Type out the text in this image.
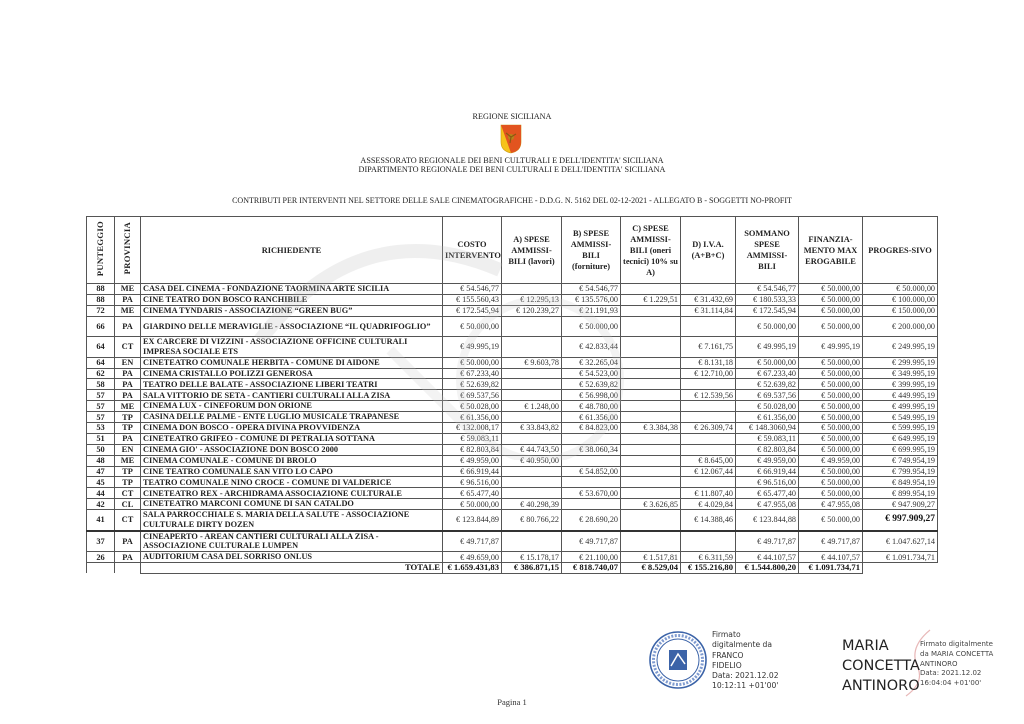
REGIONE SICILIANA
ASSESSORATO REGIONALE DEI BENI CULTURALI E DELL'IDENTITA' SICILIANA
DIPARTIMENTO REGIONALE DEI BENI CULTURALI E DELL'IDENTITA' SICILIANA
CONTRIBUTI PER INTERVENTI NEL SETTORE DELLE SALE CINEMATOGRAFICHE - D.D.G. N. 5162 DEL 02-12-2021 - ALLEGATO B - SOGGETTI NO-PROFIT
PUNTEGGIO	PROVINCIA	RICHIEDENTE	COSTO INTERVENTO	A) SPESE AMMISSI-BILI (lavori)	B) SPESE AMMISSI-BILI (forniture)	C) SPESE AMMISSI-BILI (oneri tecnici) 10% su A)	D) I.V.A. (A+B+C)	SOMMANO SPESE AMMISSI-BILI	FINANZIA-MENTO MAX EROGABILE	PROGRES-SIVO
88	ME	CASA DEL CINEMA - FONDAZIONE TAORMINA ARTE SICILIA	€ 54.546,77		€ 54.546,77			€ 54.546,77	€ 50.000,00	€ 50.000,00
88	PA	CINE TEATRO DON BOSCO RANCHIBILE	€ 155.560,43	€ 12.295,13	€ 135.576,00	€ 1.229,51	€ 31.432,69	€ 180.533,33	€ 50.000,00	€ 100.000,00
72	ME	CINEMA TYNDARIS - ASSOCIAZIONE “GREEN BUG”	€ 172.545,94	€ 120.239,27	€ 21.191,93		€ 31.114,84	€ 172.545,94	€ 50.000,00	€ 150.000,00
66	PA	GIARDINO DELLE MERAVIGLIE - ASSOCIAZIONE “IL QUADRIFOGLIO”	€ 50.000,00		€ 50.000,00			€ 50.000,00	€ 50.000,00	€ 200.000,00
64	CT	EX CARCERE DI VIZZINI - ASSOCIAZIONE OFFICINE CULTURALI IMPRESA SOCIALE ETS	€ 49.995,19		€ 42.833,44		€ 7.161,75	€ 49.995,19	€ 49.995,19	€ 249.995,19
64	EN	CINETEATRO COMUNALE HERBITA - COMUNE DI AIDONE	€ 50.000,00	€ 9.603,78	€ 32.265,04		€ 8.131,18	€ 50.000,00	€ 50.000,00	€ 299.995,19
62	PA	CINEMA CRISTALLO POLIZZI GENEROSA	€ 67.233,40		€ 54.523,00		€ 12.710,00	€ 67.233,40	€ 50.000,00	€ 349.995,19
58	PA	TEATRO DELLE BALATE - ASSOCIAZIONE LIBERI TEATRI	€ 52.639,82		€ 52.639,82			€ 52.639,82	€ 50.000,00	€ 399.995,19
57	PA	SALA VITTORIO DE SETA - CANTIERI CULTURALI ALLA ZISA	€ 69.537,56		€ 56.998,00		€ 12.539,56	€ 69.537,56	€ 50.000,00	€ 449.995,19
57	ME	CINEMA LUX - CINEFORUM DON ORIONE	€ 50.028,00	€ 1.248,00	€ 48.780,00			€ 50.028,00	€ 50.000,00	€ 499.995,19
57	TP	CASINA DELLE PALME - ENTE LUGLIO MUSICALE TRAPANESE	€ 61.356,00		€ 61.356,00			€ 61.356,00	€ 50.000,00	€ 549.995,19
53	TP	CINEMA DON BOSCO - OPERA DIVINA PROVVIDENZA	€ 132.008,17	€ 33.843,82	€ 84.823,00	€ 3.384,38	€ 26.309,74	€ 148.3060,94	€ 50.000,00	€ 599.995,19
51	PA	CINETEATRO GRIFEO - COMUNE DI PETRALIA SOTTANA	€ 59.083,11					€ 59.083,11	€ 50.000,00	€ 649.995,19
50	EN	CINEMA GIO' - ASSOCIAZIONE DON BOSCO 2000	€ 82.803,84	€ 44.743,50	€ 38.060,34			€ 82.803,84	€ 50.000,00	€ 699.995,19
48	ME	CINEMA COMUNALE - COMUNE DI BROLO	€ 49.959,00	€ 40.950,00			€ 8.645,00	€ 49.959,00	€ 49.959,00	€ 749.954,19
47	TP	CINE TEATRO COMUNALE SAN VITO LO CAPO	€ 66.919,44		€ 54.852,00		€ 12.067,44	€ 66.919,44	€ 50.000,00	€ 799.954,19
45	TP	TEATRO COMUNALE NINO CROCE - COMUNE DI VALDERICE	€ 96.516,00					€ 96.516,00	€ 50.000,00	€ 849.954,19
44	CT	CINETEATRO REX - ARCHIDRAMA ASSOCIAZIONE CULTURALE	€ 65.477,40		€ 53.670,00		€ 11.807,40	€ 65.477,40	€ 50.000,00	€ 899.954,19
42	CL	CINETEATRO MARCONI COMUNE DI SAN CATALDO	€ 50.000,00	€ 40.298,39		€ 3.626,85	€ 4.029,84	€ 47.955,08	€ 47.955,08	€ 947.909,27
41	CT	SALA PARROCCHIALE S. MARIA DELLA SALUTE - ASSOCIAZIONE CULTURALE DIRTY DOZEN	€ 123.844,89	€ 80.766,22	€ 28.690,20		€ 14.388,46	€ 123.844,88	€ 50.000,00	€ 997.909,27
37	PA	CINEAPERTO - AREAN CANTIERI CULTURALI ALLA ZISA - ASSOCIAZIONE CULTURALE LUMPEN	€ 49.717,87		€ 49.717,87			€ 49.717,87	€ 49.717,87	€ 1.047.627,14
26	PA	AUDITORIUM CASA DEL SORRISO ONLUS	€ 49.659,00	€ 15.178,17	€ 21.100,00	€ 1.517,81	€ 6.311,59	€ 44.107,57	€ 44.107,57	€ 1.091.734,71
		TOTALE	€ 1.659.431,83	€ 386.871,15	€ 818.740,07	€ 8.529,04	€ 155.216,80	€ 1.544.800,20	€ 1.091.734,71	
Firmato
digitalmente da
FRANCO
FIDELIO
Data: 2021.12.02
10:12:11 +01'00'
MARIA
CONCETTA
ANTINORO
Firmato digitalmente
da MARIA CONCETTA
ANTINORO
Data: 2021.12.02
16:04:04 +01'00'
Pagina 1
